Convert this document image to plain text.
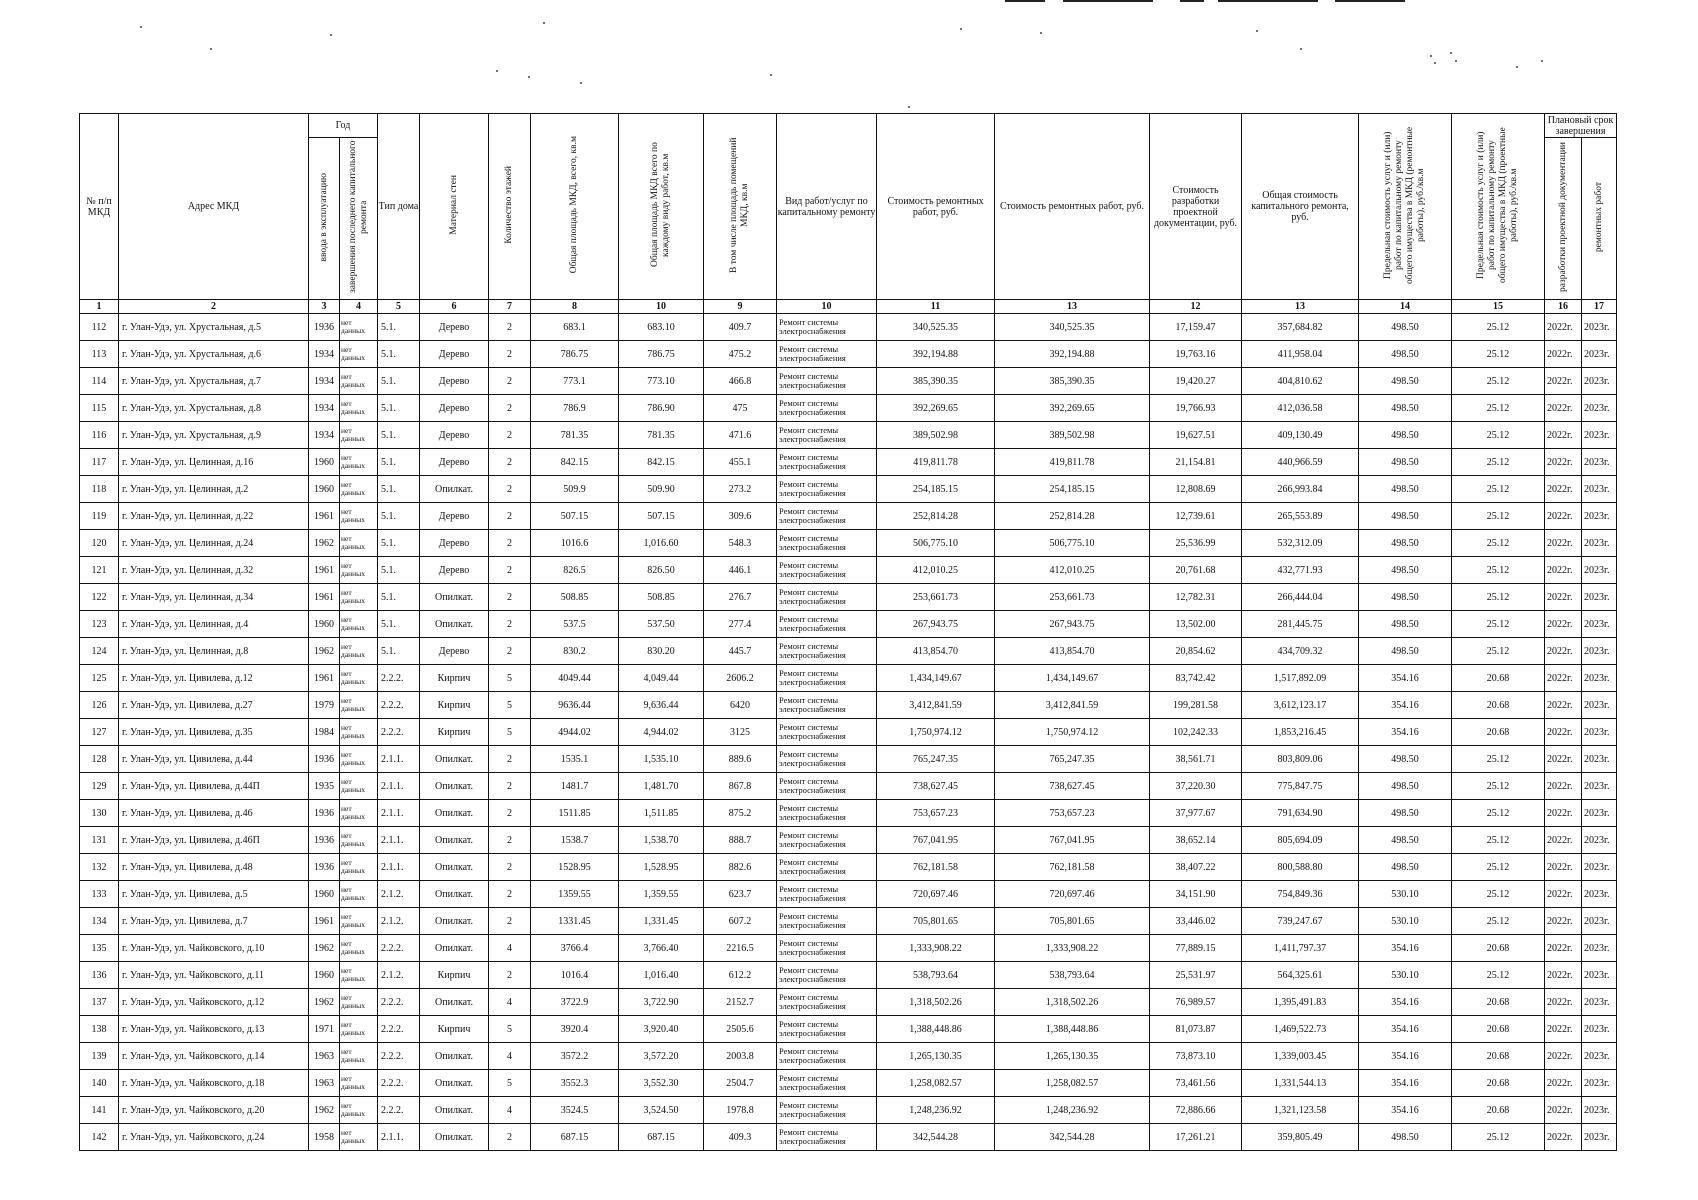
№ п/п МКД	Адрес МКД	Год		Тип дома	Материал стен	Количество этажей	Общая площадь МКД, всего, кв.м	Общая площадь МКД всего по каждому виду работ, кв.м	В том числе площадь помещений МКД, кв.м	Вид работ/услуг по капитальному ремонту	Стоимость ремонтных работ, руб.	Стоимость ремонтных работ, руб.	Стоимость разработки проектной документации, руб.	Общая стоимость капитального ремонта, руб.	Предельная стоимость услуг и (или) работ по капитальному ремонту общего имущества в МКД (ремонтные работы), руб./кв.м	Предельная стоимость услуг и (или) работ по капитальному ремонту общего имущества в МКД (проектные работы), руб./кв.м	Плановый срок завершения	
		ввода в эксплуатацию	завершения последнего капитального ремонта														разработки проектной документации	ремонтных работ
1	2	3	4	5	6	7	8	10	9	10	11	13	12	13	14	15	16	17
112	г. Улан-Удэ, ул. Хрустальная, д.5	1936	нет данных	5.1.	Дерево	2	683.1	683.10	409.7	Ремонт системы электроснабжения	340,525.35	340,525.35	17,159.47	357,684.82	498.50	25.12	2022г.	2023г.
113	г. Улан-Удэ, ул. Хрустальная, д.6	1934	нет данных	5.1.	Дерево	2	786.75	786.75	475.2	Ремонт системы электроснабжения	392,194.88	392,194.88	19,763.16	411,958.04	498.50	25.12	2022г.	2023г.
114	г. Улан-Удэ, ул. Хрустальная, д.7	1934	нет данных	5.1.	Дерево	2	773.1	773.10	466.8	Ремонт системы электроснабжения	385,390.35	385,390.35	19,420.27	404,810.62	498.50	25.12	2022г.	2023г.
115	г. Улан-Удэ, ул. Хрустальная, д.8	1934	нет данных	5.1.	Дерево	2	786.9	786.90	475	Ремонт системы электроснабжения	392,269.65	392,269.65	19,766.93	412,036.58	498.50	25.12	2022г.	2023г.
116	г. Улан-Удэ, ул. Хрустальная, д.9	1934	нет данных	5.1.	Дерево	2	781.35	781.35	471.6	Ремонт системы электроснабжения	389,502.98	389,502.98	19,627.51	409,130.49	498.50	25.12	2022г.	2023г.
117	г. Улан-Удэ, ул. Целинная, д.16	1960	нет данных	5.1.	Дерево	2	842.15	842.15	455.1	Ремонт системы электроснабжения	419,811.78	419,811.78	21,154.81	440,966.59	498.50	25.12	2022г.	2023г.
118	г. Улан-Удэ, ул. Целинная, д.2	1960	нет данных	5.1.	Опилкат.	2	509.9	509.90	273.2	Ремонт системы электроснабжения	254,185.15	254,185.15	12,808.69	266,993.84	498.50	25.12	2022г.	2023г.
119	г. Улан-Удэ, ул. Целинная, д.22	1961	нет данных	5.1.	Дерево	2	507.15	507.15	309.6	Ремонт системы электроснабжения	252,814.28	252,814.28	12,739.61	265,553.89	498.50	25.12	2022г.	2023г.
120	г. Улан-Удэ, ул. Целинная, д.24	1962	нет данных	5.1.	Дерево	2	1016.6	1,016.60	548.3	Ремонт системы электроснабжения	506,775.10	506,775.10	25,536.99	532,312.09	498.50	25.12	2022г.	2023г.
121	г. Улан-Удэ, ул. Целинная, д.32	1961	нет данных	5.1.	Дерево	2	826.5	826.50	446.1	Ремонт системы электроснабжения	412,010.25	412,010.25	20,761.68	432,771.93	498.50	25.12	2022г.	2023г.
122	г. Улан-Удэ, ул. Целинная, д.34	1961	нет данных	5.1.	Опилкат.	2	508.85	508.85	276.7	Ремонт системы электроснабжения	253,661.73	253,661.73	12,782.31	266,444.04	498.50	25.12	2022г.	2023г.
123	г. Улан-Удэ, ул. Целинная, д.4	1960	нет данных	5.1.	Опилкат.	2	537.5	537.50	277.4	Ремонт системы электроснабжения	267,943.75	267,943.75	13,502.00	281,445.75	498.50	25.12	2022г.	2023г.
124	г. Улан-Удэ, ул. Целинная, д.8	1962	нет данных	5.1.	Дерево	2	830.2	830.20	445.7	Ремонт системы электроснабжения	413,854.70	413,854.70	20,854.62	434,709.32	498.50	25.12	2022г.	2023г.
125	г. Улан-Удэ, ул. Цивилева, д.12	1961	нет данных	2.2.2.	Кирпич	5	4049.44	4,049.44	2606.2	Ремонт системы электроснабжения	1,434,149.67	1,434,149.67	83,742.42	1,517,892.09	354.16	20.68	2022г.	2023г.
126	г. Улан-Удэ, ул. Цивилева, д.27	1979	нет данных	2.2.2.	Кирпич	5	9636.44	9,636.44	6420	Ремонт системы электроснабжения	3,412,841.59	3,412,841.59	199,281.58	3,612,123.17	354.16	20.68	2022г.	2023г.
127	г. Улан-Удэ, ул. Цивилева, д.35	1984	нет данных	2.2.2.	Кирпич	5	4944.02	4,944.02	3125	Ремонт системы электроснабжения	1,750,974.12	1,750,974.12	102,242.33	1,853,216.45	354.16	20.68	2022г.	2023г.
128	г. Улан-Удэ, ул. Цивилева, д.44	1936	нет данных	2.1.1.	Опилкат.	2	1535.1	1,535.10	889.6	Ремонт системы электроснабжения	765,247.35	765,247.35	38,561.71	803,809.06	498.50	25.12	2022г.	2023г.
129	г. Улан-Удэ, ул. Цивилева, д.44П	1935	нет данных	2.1.1.	Опилкат.	2	1481.7	1,481.70	867.8	Ремонт системы электроснабжения	738,627.45	738,627.45	37,220.30	775,847.75	498.50	25.12	2022г.	2023г.
130	г. Улан-Удэ, ул. Цивилева, д.46	1936	нет данных	2.1.1.	Опилкат.	2	1511.85	1,511.85	875.2	Ремонт системы электроснабжения	753,657.23	753,657.23	37,977.67	791,634.90	498.50	25.12	2022г.	2023г.
131	г. Улан-Удэ, ул. Цивилева, д.46П	1936	нет данных	2.1.1.	Опилкат.	2	1538.7	1,538.70	888.7	Ремонт системы электроснабжения	767,041.95	767,041.95	38,652.14	805,694.09	498.50	25.12	2022г.	2023г.
132	г. Улан-Удэ, ул. Цивилева, д.48	1936	нет данных	2.1.1.	Опилкат.	2	1528.95	1,528.95	882.6	Ремонт системы электроснабжения	762,181.58	762,181.58	38,407.22	800,588.80	498.50	25.12	2022г.	2023г.
133	г. Улан-Удэ, ул. Цивилева, д.5	1960	нет данных	2.1.2.	Опилкат.	2	1359.55	1,359.55	623.7	Ремонт системы электроснабжения	720,697.46	720,697.46	34,151.90	754,849.36	530.10	25.12	2022г.	2023г.
134	г. Улан-Удэ, ул. Цивилева, д.7	1961	нет данных	2.1.2.	Опилкат.	2	1331.45	1,331.45	607.2	Ремонт системы электроснабжения	705,801.65	705,801.65	33,446.02	739,247.67	530.10	25.12	2022г.	2023г.
135	г. Улан-Удэ, ул. Чайковского, д.10	1962	нет данных	2.2.2.	Опилкат.	4	3766.4	3,766.40	2216.5	Ремонт системы электроснабжения	1,333,908.22	1,333,908.22	77,889.15	1,411,797.37	354.16	20.68	2022г.	2023г.
136	г. Улан-Удэ, ул. Чайковского, д.11	1960	нет данных	2.1.2.	Кирпич	2	1016.4	1,016.40	612.2	Ремонт системы электроснабжения	538,793.64	538,793.64	25,531.97	564,325.61	530.10	25.12	2022г.	2023г.
137	г. Улан-Удэ, ул. Чайковского, д.12	1962	нет данных	2.2.2.	Опилкат.	4	3722.9	3,722.90	2152.7	Ремонт системы электроснабжения	1,318,502.26	1,318,502.26	76,989.57	1,395,491.83	354.16	20.68	2022г.	2023г.
138	г. Улан-Удэ, ул. Чайковского, д.13	1971	нет данных	2.2.2.	Кирпич	5	3920.4	3,920.40	2505.6	Ремонт системы электроснабжения	1,388,448.86	1,388,448.86	81,073.87	1,469,522.73	354.16	20.68	2022г.	2023г.
139	г. Улан-Удэ, ул. Чайковского, д.14	1963	нет данных	2.2.2.	Опилкат.	4	3572.2	3,572.20	2003.8	Ремонт системы электроснабжения	1,265,130.35	1,265,130.35	73,873.10	1,339,003.45	354.16	20.68	2022г.	2023г.
140	г. Улан-Удэ, ул. Чайковского, д.18	1963	нет данных	2.2.2.	Опилкат.	5	3552.3	3,552.30	2504.7	Ремонт системы электроснабжения	1,258,082.57	1,258,082.57	73,461.56	1,331,544.13	354.16	20.68	2022г.	2023г.
141	г. Улан-Удэ, ул. Чайковского, д.20	1962	нет данных	2.2.2.	Опилкат.	4	3524.5	3,524.50	1978.8	Ремонт системы электроснабжения	1,248,236.92	1,248,236.92	72,886.66	1,321,123.58	354.16	20.68	2022г.	2023г.
142	г. Улан-Удэ, ул. Чайковского, д.24	1958	нет данных	2.1.1.	Опилкат.	2	687.15	687.15	409.3	Ремонт системы электроснабжения	342,544.28	342,544.28	17,261.21	359,805.49	498.50	25.12	2022г.	2023г.
